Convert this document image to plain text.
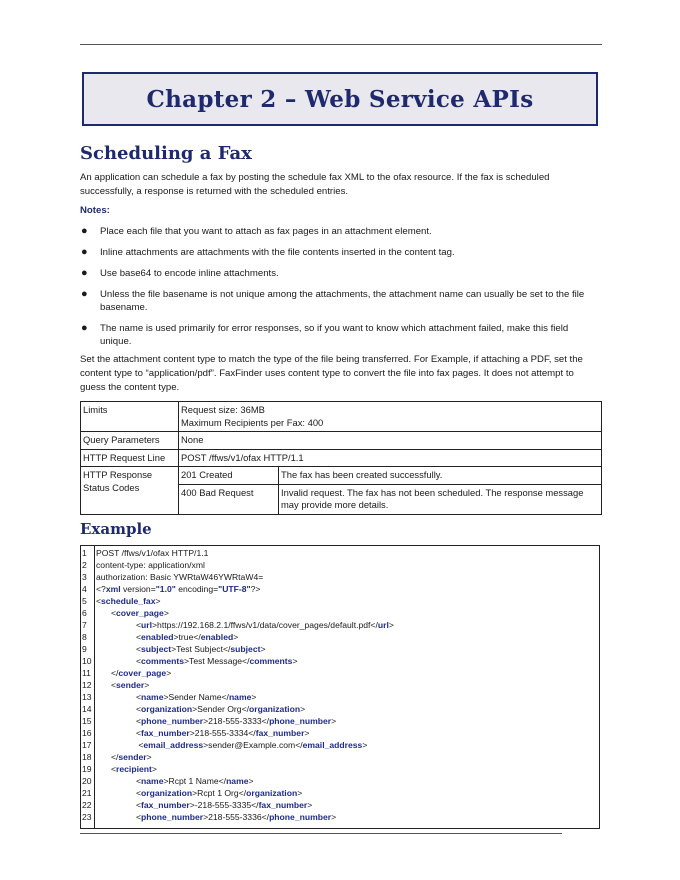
Chapter 2 – Web Service APIs
Scheduling a Fax

An application can schedule a fax by posting the schedule fax XML to the ofax resource. If the fax is scheduled successfully, a response is returned with the scheduled entries.

Notes:
● Place each file that you want to attach as fax pages in an attachment element.
● Inline attachments are attachments with the file contents inserted in the content tag.
● Use base64 to encode inline attachments.
● Unless the file basename is not unique among the attachments, the attachment name can usually be set to the file basename.
● The name is used primarily for error responses, so if you want to know which attachment failed, make this field unique.

Set the attachment content type to match the type of the file being transferred. For Example, if attaching a PDF, set the content type to “application/pdf”. FaxFinder uses content type to convert the file into fax pages. It does not attempt to guess the content type.

Limits	Request size: 36MB
Maximum Recipients per Fax: 400	

Query Parameters	None	
HTTP Request Line	POST /ffws/v1/ofax HTTP/1.1	
HTTP Response Status Codes	201 Created	The fax has been created successfully.
	400 Bad Request	Invalid request. The fax has not been scheduled. The response message may provide more details.
Example
1	POST /ffws/v1/ofax HTTP/1.1
2	content-type: application/xml
3	authorization: Basic YWRtaW46YWRtaW4=
4	<?xml version="1.0" encoding="UTF-8"?>
5	<schedule_fax>
6	<cover_page>
7	<url>https://192.168.2.1/ffws/v1/data/cover_pages/default.pdf</url>
8	<enabled>true</enabled>
9	<subject>Test Subject</subject>
10	<comments>Test Message</comments>
11	</cover_page>
12	<sender>
13	<name>Sender Name</name>
14	<organization>Sender Org</organization>
15	<phone_number>218-555-3333</phone_number>
16	<fax_number>218-555-3334</fax_number>
17	<email_address>sender@Example.com</email_address>
18	</sender>
19	<recipient>
20	<name>Rcpt 1 Name</name>
21	<organization>Rcpt 1 Org</organization>
22	<fax_number>-218-555-3335</fax_number>
23	<phone_number>218-555-3336</phone_number>
